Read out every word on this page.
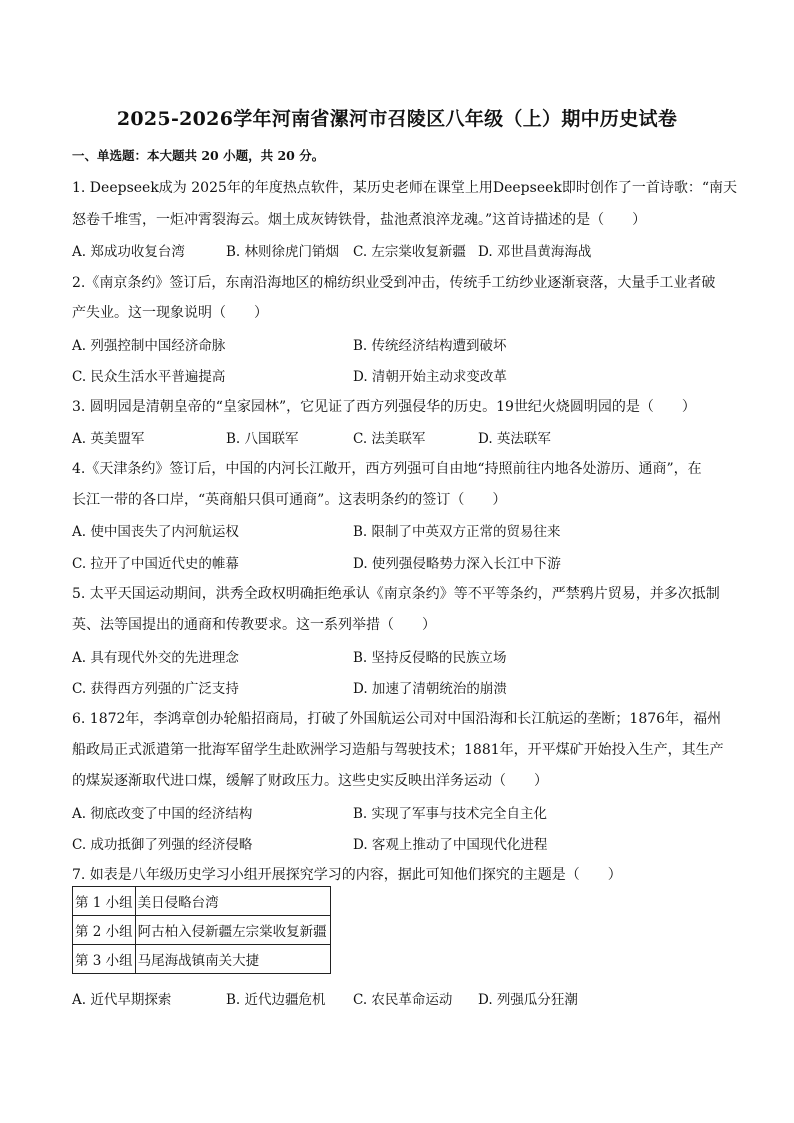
2025-2026学年河南省漯河市召陵区八年级（上）期中历史试卷
一、单选题：本大题共 20 小题，共 20 分。
1. Deepseek成为 2025年的年度热点软件，某历史老师在课堂上用Deepseek即时创作了一首诗歌：“南天
怒卷千堆雪，一炬冲霄裂海云。烟土成灰铸铁骨，盐池煮浪淬龙魂。”这首诗描述的是（　　）
A. 郑成功收复台湾	B. 林则徐虎门销烟 C. 左宗棠收复新疆 D. 邓世昌黄海海战
2.《南京条约》签订后，东南沿海地区的棉纺织业受到冲击，传统手工纺纱业逐渐衰落，大量手工业者破
产失业。这一现象说明（　　）
A. 列强控制中国经济命脉	B. 传统经济结构遭到破坏
C. 民众生活水平普遍提高	D. 清朝开始主动求变改革
3. 圆明园是清朝皇帝的“皇家园林”，它见证了西方列强侵华的历史。19世纪火烧圆明园的是（　　）
A. 英美盟军	B. 八国联军	C. 法美联军	D. 英法联军
4.《天津条约》签订后，中国的内河长江敞开，西方列强可自由地“持照前往内地各处游历、通商”，在
长江一带的各口岸，“英商船只俱可通商”。这表明条约的签订（　　）
A. 使中国丧失了内河航运权	B. 限制了中英双方正常的贸易往来
C. 拉开了中国近代史的帷幕	D. 使列强侵略势力深入长江中下游
5. 太平天国运动期间，洪秀全政权明确拒绝承认《南京条约》等不平等条约，严禁鸦片贸易，并多次抵制
英、法等国提出的通商和传教要求。这一系列举措（　　）
A. 具有现代外交的先进理念	B. 坚持反侵略的民族立场
C. 获得西方列强的广泛支持	D. 加速了清朝统治的崩溃
6. 1872年，李鸿章创办轮船招商局，打破了外国航运公司对中国沿海和长江航运的垄断；1876年，福州
船政局正式派遣第一批海军留学生赴欧洲学习造船与驾驶技术；1881年，开平煤矿开始投入生产，其生产
的煤炭逐渐取代进口煤，缓解了财政压力。这些史实反映出洋务运动（　　）
A. 彻底改变了中国的经济结构	B. 实现了军事与技术完全自主化
C. 成功抵御了列强的经济侵略	D. 客观上推动了中国现代化进程
7. 如表是八年级历史学习小组开展探究学习的内容，据此可知他们探究的主题是（　　）
第 1 小组	美日侵略台湾
第 2 小组	阿古柏入侵新疆左宗棠收复新疆
第 3 小组	马尾海战镇南关大捷
A. 近代早期探索	B. 近代边疆危机 C. 农民革命运动 D. 列强瓜分狂潮
